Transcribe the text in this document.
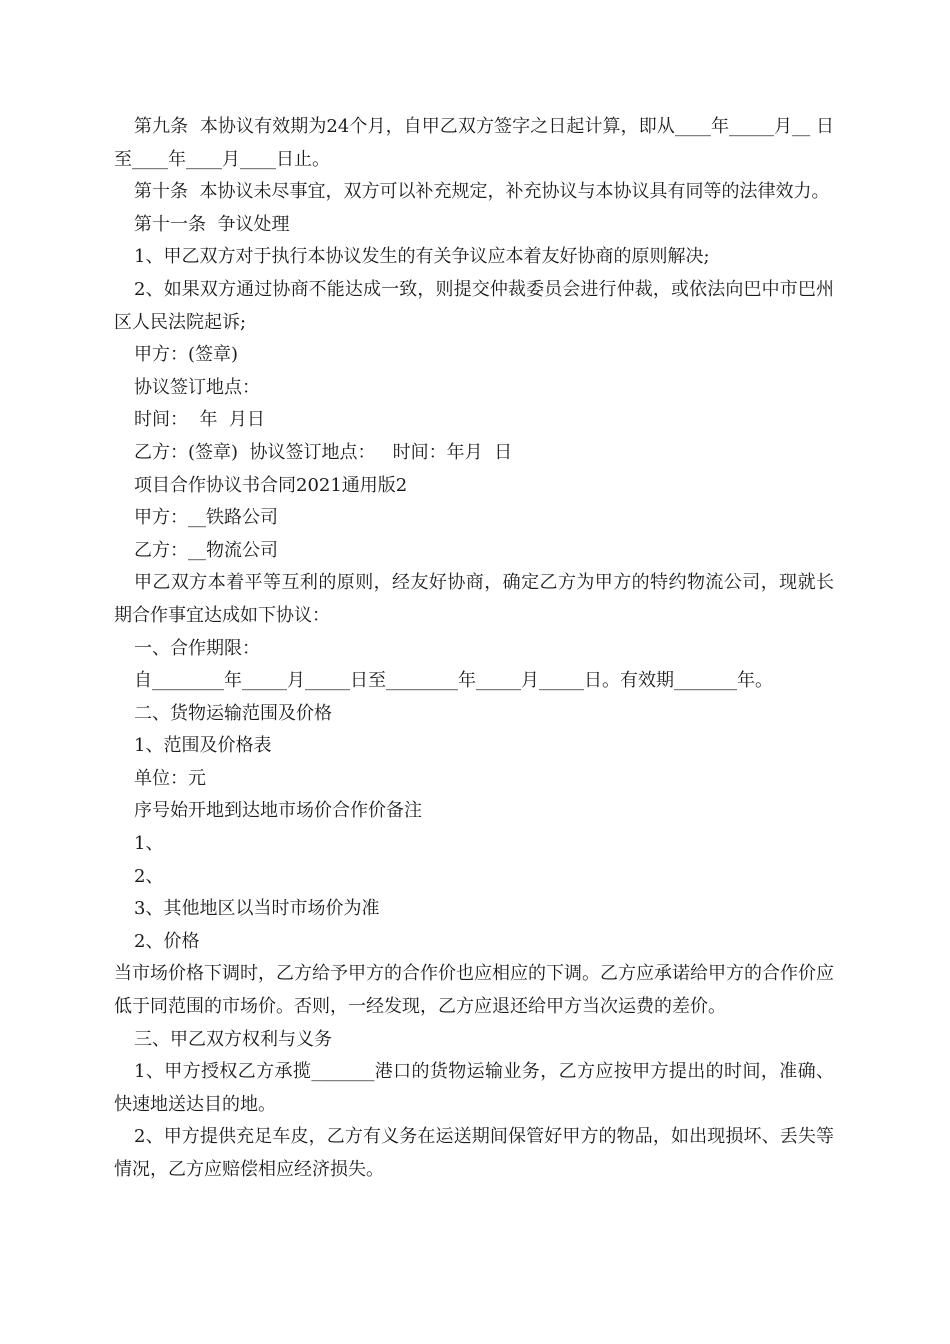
第九条  本协议有效期为24个月，自甲乙双方签字之日起计算，即从____年_____月__ 日至____年____月____日止。

第十条  本协议未尽事宜，双方可以补充规定，补充协议与本协议具有同等的法律效力。

第十一条  争议处理

1、甲乙双方对于执行本协议发生的有关争议应本着友好协商的原则解决;

2、如果双方通过协商不能达成一致，则提交仲裁委员会进行仲裁，或依法向巴中市巴州区人民法院起诉;

甲方：(签章)

协议签订地点：

时间：  年  月日

乙方：(签章)  协议签订地点：   时间：年月  日

项目合作协议书合同2021通用版2

甲方：__铁路公司

乙方：__物流公司

甲乙双方本着平等互利的原则，经友好协商，确定乙方为甲方的特约物流公司，现就长期合作事宜达成如下协议：

一、合作期限：

自________年_____月_____日至________年_____月_____日。有效期_______年。

二、货物运输范围及价格

1、范围及价格表

单位：元

序号始开地到达地市场价合作价备注

1、

2、

3、其他地区以当时市场价为准

2、价格

当市场价格下调时，乙方给予甲方的合作价也应相应的下调。乙方应承诺给甲方的合作价应低于同范围的市场价。否则，一经发现，乙方应退还给甲方当次运费的差价。

三、甲乙双方权利与义务

1、甲方授权乙方承揽_______港口的货物运输业务，乙方应按甲方提出的时间，准确、快速地送达目的地。

2、甲方提供充足车皮，乙方有义务在运送期间保管好甲方的物品，如出现损坏、丢失等情况，乙方应赔偿相应经济损失。
